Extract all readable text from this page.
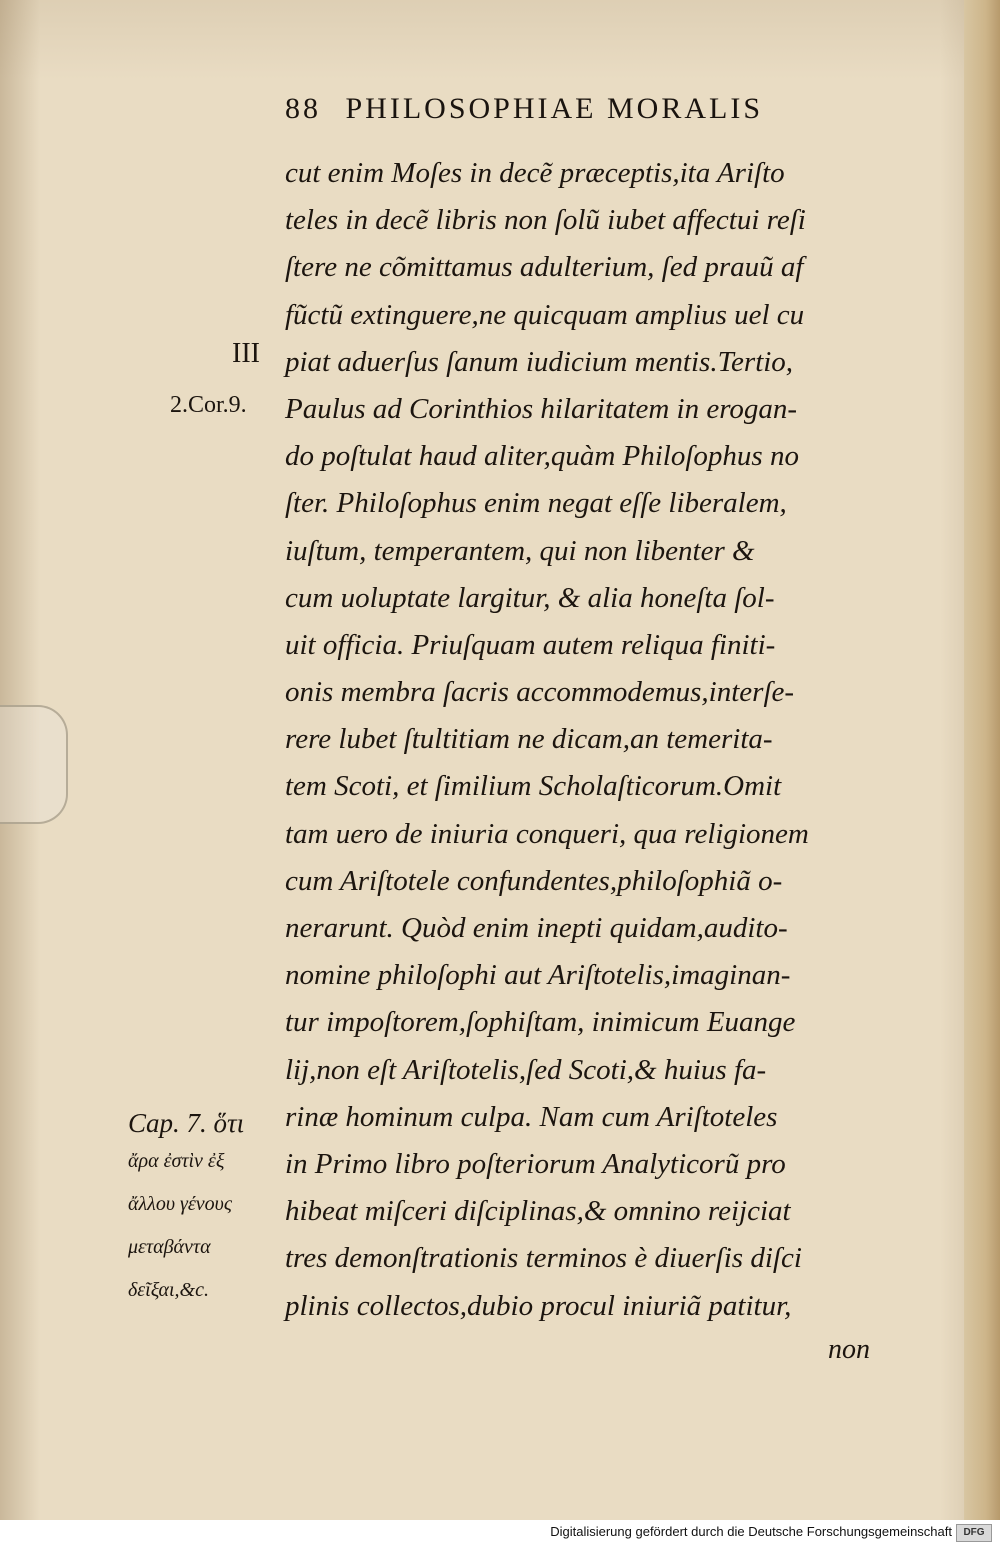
88 PHILOSOPHIAE MORALIS
cut enim Moſes in decẽ præceptis,ita Ariſto
teles in decẽ libris non ſolũ iubet affectui reſi
ſtere ne cõmittamus adulterium, ſed prauũ af
fũctũ extinguere,ne quicquam amplius uel cu
piat aduerſus ſanum iudicium mentis.Tertio,
Paulus ad Corinthios hilaritatem in erogan-
do poſtulat haud aliter,quàm Philoſophus no
ſter. Philoſophus enim negat eſſe liberalem,
iuſtum, temperantem, qui non libenter &
cum uoluptate largitur, & alia honeſta ſol-
uit officia. Priuſquam autem reliqua finiti-
onis membra ſacris accommodemus,interſe-
rere lubet ſtultitiam ne dicam,an temerita-
tem Scoti, et ſimilium Scholaſticorum.Omit
tam uero de iniuria conqueri, qua religionem
cum Ariſtotele confundentes,philoſophiã o-
nerarunt. Quòd enim inepti quidam,audito-
nomine philoſophi aut Ariſtotelis,imaginan-
tur impoſtorem,ſophiſtam, inimicum Euange
lij,non eſt Ariſtotelis,ſed Scoti,& huius fa-
rinæ hominum culpa. Nam cum Ariſtoteles
in Primo libro poſteriorum Analyticorũ pro
hibeat miſceri diſciplinas,& omnino reijciat
tres demonſtrationis terminos è diuerſis diſci
plinis collectos,dubio procul iniuriã patitur,
III
2.Cor.9.
Cap. 7. ὅτι
ἄρα ἐστὶν ἐξ
ἄλλου γένους
μεταβάντα
δεῖξαι,&c.
non
Digitalisierung gefördert durch die Deutsche Forschungsgemeinschaft	DFG
